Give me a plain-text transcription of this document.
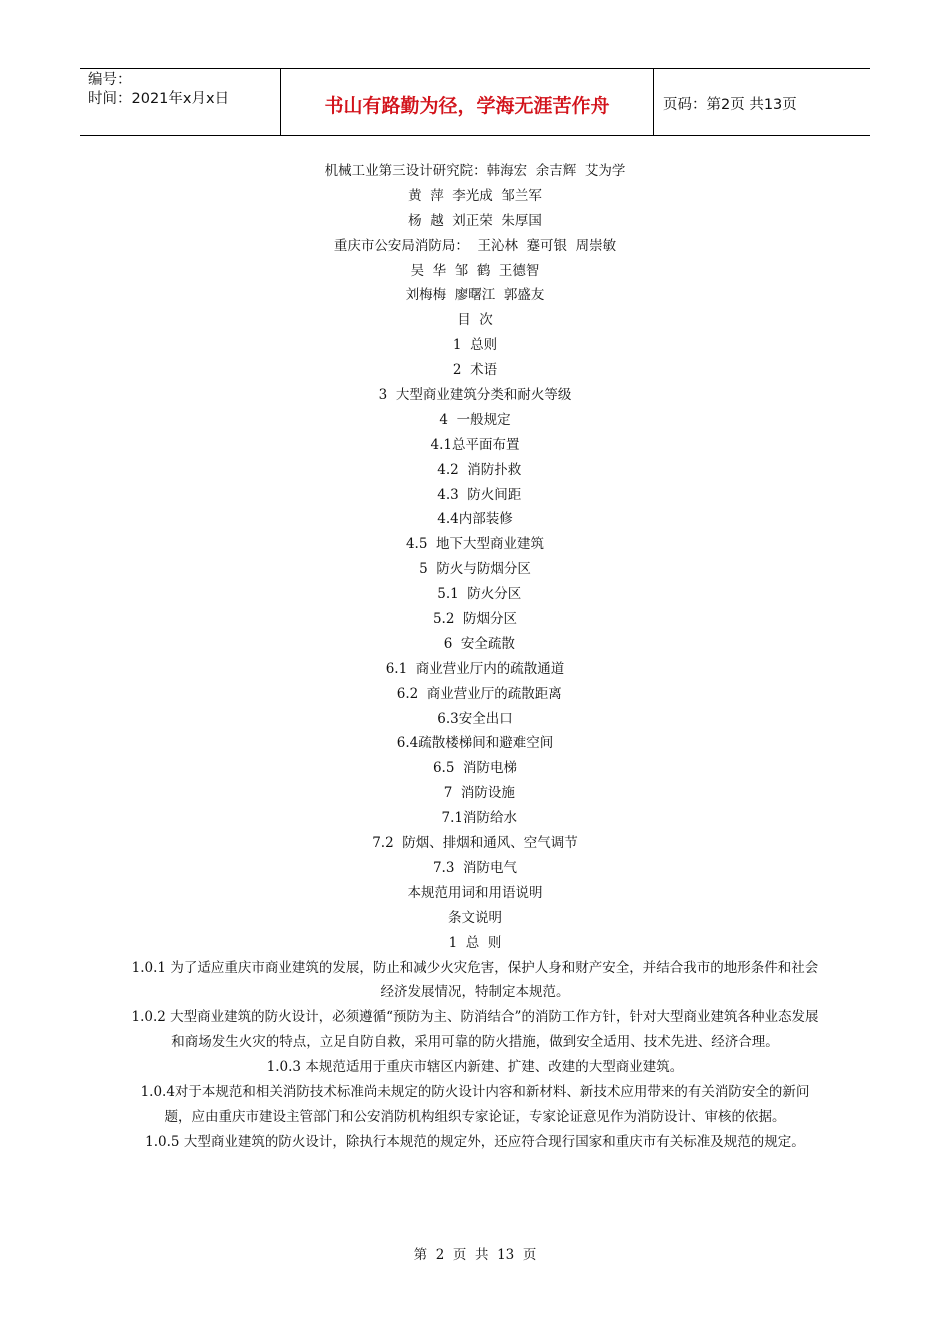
编号：
时间：2021年x月x日	书山有路勤为径，学海无涯苦作舟	页码：第2页 共13页
机械工业第三设计研究院：韩海宏  余吉辉  艾为学
黄  萍  李光成  邹兰军
杨  越  刘正荣  朱厚国
重庆市公安局消防局：  王沁林  蹇可银  周崇敏
吴  华  邹  鹤  王德智
刘梅梅  廖曙江  郭盛友
目  次
1  总则
2  术语
3  大型商业建筑分类和耐火等级
4  一般规定
4.1总平面布置
4.2  消防扑救
4.3  防火间距
4.4内部装修
4.5  地下大型商业建筑
5  防火与防烟分区
5.1  防火分区
5.2  防烟分区
6  安全疏散
6.1  商业营业厅内的疏散通道
6.2  商业营业厅的疏散距离
6.3安全出口
6.4疏散楼梯间和避难空间
6.5  消防电梯
7  消防设施
7.1消防给水
7.2  防烟、排烟和通风、空气调节
7.3  消防电气
本规范用词和用语说明
条文说明
1  总  则

1.0.1 为了适应重庆市商业建筑的发展，防止和减少火灾危害，保护人身和财产安全，并结合我市的地形条件和社会经济发展情况，特制定本规范。

1.0.2 大型商业建筑的防火设计，必须遵循“预防为主、防消结合”的消防工作方针，针对大型商业建筑各种业态发展和商场发生火灾的特点，立足自防自救，采用可靠的防火措施，做到安全适用、技术先进、经济合理。

1.0.3 本规范适用于重庆市辖区内新建、扩建、改建的大型商业建筑。

1.0.4对于本规范和相关消防技术标准尚未规定的防火设计内容和新材料、新技术应用带来的有关消防安全的新问题，应由重庆市建设主管部门和公安消防机构组织专家论证，专家论证意见作为消防设计、审核的依据。

1.0.5 大型商业建筑的防火设计，除执行本规范的规定外，还应符合现行国家和重庆市有关标准及规范的规定。

第  2  页  共  13  页
